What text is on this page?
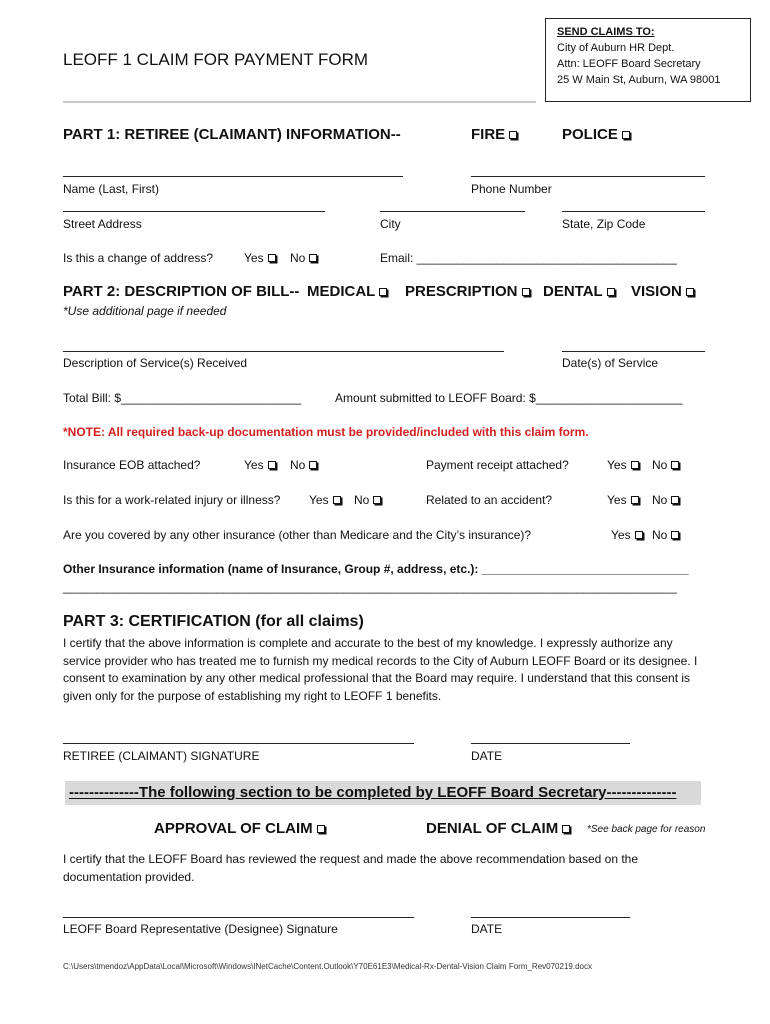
LEOFF 1 CLAIM FOR PAYMENT FORM
SEND CLAIMS TO:
City of Auburn HR Dept.
Attn: LEOFF Board Secretary
25 W Main St, Auburn, WA 98001
PART 1: RETIREE (CLAIMANT) INFORMATION--	FIRE	POLICE
Name (Last, First)	Phone Number
Street Address	City	State, Zip Code
Is this a change of address?	Yes	No	Email: _______________________________________
PART 2: DESCRIPTION OF BILL-- MEDICAL	PRESCRIPTION	DENTAL	VISION
*Use additional page if needed
Description of Service(s) Received	Date(s) of Service
Total Bill: $___________________________	Amount submitted to LEOFF Board: $______________________
*NOTE: All required back-up documentation must be provided/included with this claim form.
Insurance EOB attached?	Yes	No	Payment receipt attached?	Yes	No
Is this for a work-related injury or illness? Yes	No	Related to an accident?	Yes	No
Are you covered by any other insurance (other than Medicare and the City’s insurance)?	Yes	No
Other Insurance information (name of Insurance, Group #, address, etc.): _______________________________
____________________________________________________________________________________________
PART 3: CERTIFICATION (for all claims)
I certify that the above information is complete and accurate to the best of my knowledge. I expressly authorize any service provider who has treated me to furnish my medical records to the City of Auburn LEOFF Board or its designee. I consent to examination by any other medical professional that the Board may require. I understand that this consent is given only for the purpose of establishing my right to LEOFF 1 benefits.
RETIREE (CLAIMANT) SIGNATURE	DATE
--------------The following section to be completed by LEOFF Board Secretary--------------
APPROVAL OF CLAIM	DENIAL OF CLAIM	*See back page for reason
I certify that the LEOFF Board has reviewed the request and made the above recommendation based on the documentation provided.
LEOFF Board Representative (Designee) Signature	DATE
C:\Users\tmendoz\AppData\Local\Microsoft\Windows\INetCache\Content.Outlook\Y70E61E3\Medical-Rx-Dental-Vision Claim Form_Rev070219.docx
